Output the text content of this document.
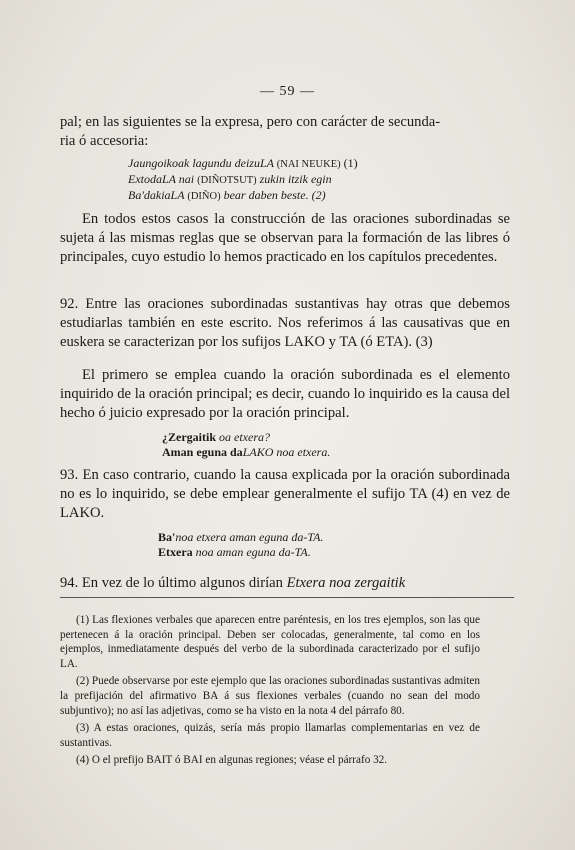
— 59 —

pal; en las siguientes se la expresa, pero con carácter de secunda-

ria ó accesoria:

Jaungoikoak lagundu deizuLA (NAI NEUKE) (1)
ExtodaLA nai (DIÑOTSUT) zukin itzik egin
Ba'dakiaLA (DIÑO) bear daben beste. (2)

En todos estos casos la construcción de las oraciones subordinadas se sujeta á las mismas reglas que se observan para la formación de las libres ó principales, cuyo estudio lo hemos practicado en los capítulos precedentes.

92. Entre las oraciones subordinadas sustantivas hay otras que debemos estudiarlas también en este escrito. Nos referimos á las causativas que en euskera se caracterizan por los sufijos LAKO y TA (ó ETA). (3)

El primero se emplea cuando la oración subordinada es el elemento inquirido de la oración principal; es decir, cuando lo inquirido es la causa del hecho ó juicio expresado por la oración principal.

¿Zergaitik oa etxera?
Aman eguna daLAKO noa etxera.

93. En caso contrario, cuando la causa explicada por la oración subordinada no es lo inquirido, se debe emplear generalmente el sufijo TA (4) en vez de LAKO.

Ba'noa etxera aman eguna da-TA.
Etxera noa aman eguna da-TA.

94. En vez de lo último algunos dirían Etxera noa zergaitik

(1) Las flexiones verbales que aparecen entre paréntesis, en los tres ejemplos, son las que pertenecen á la oración principal. Deben ser colocadas, generalmente, tal como en los ejemplos, inmediatamente después del verbo de la subordinada caracterizado por el sufijo LA.

(2) Puede observarse por este ejemplo que las oraciones subordinadas sustantivas admiten la prefijación del afirmativo BA á sus flexiones verbales (cuando no sean del modo subjuntivo); no así las adjetivas, como se ha visto en la nota 4 del párrafo 80.

(3) A estas oraciones, quizás, sería más propio llamarlas complementarias en vez de sustantivas.

(4) O el prefijo BAIT ó BAI en algunas regiones; véase el párrafo 32.
